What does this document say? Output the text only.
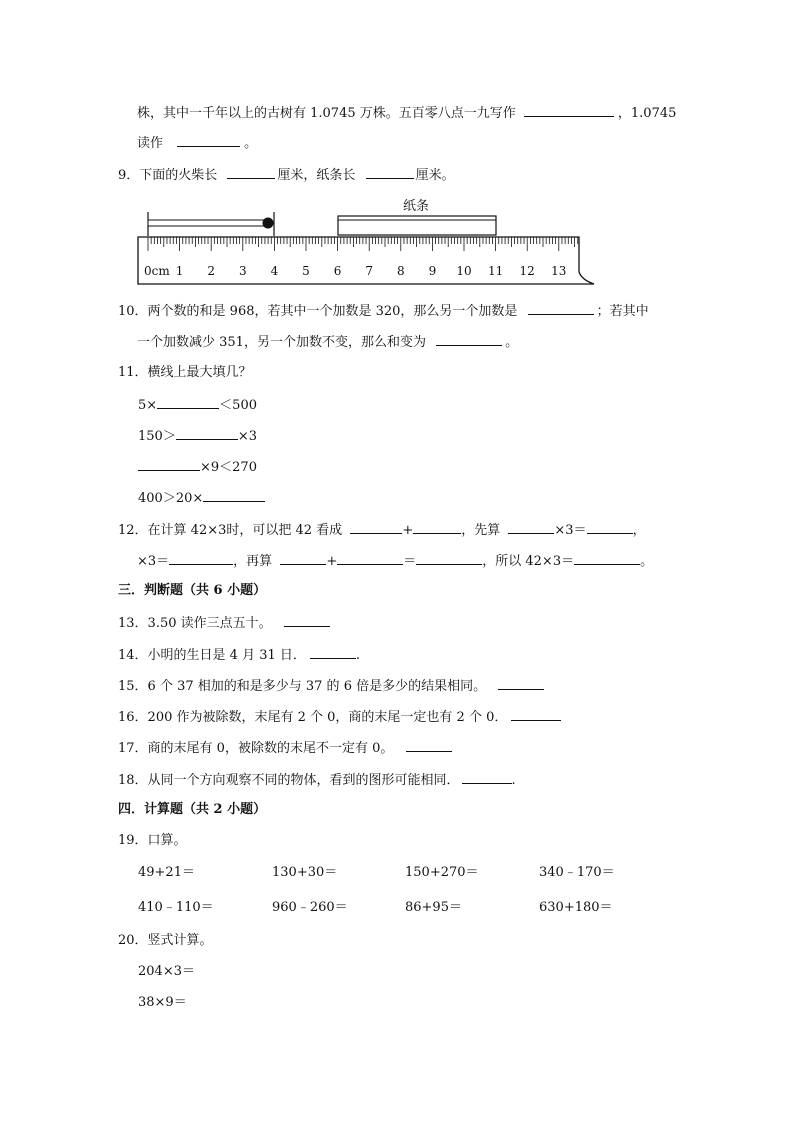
株，其中一千年以上的古树有 1.0745 万株。五百零八点一九写作	，1.0745
读作	。
9．下面的火柴长	厘米，纸条长	厘米。
纸条
0cm 1 2 3 4 5 6 7 8 9 10 11 12 13
10．两个数的和是 968，若其中一个加数是 320，那么另一个加数是	；若其中
一个加数减少 351，另一个加数不变，那么和变为	。
11．横线上最大填几？
5×	＜500
150＞	×3
×9＜270
400＞20×
12．在计算 42×3时，可以把 42 看成	+	，先算	×3＝	，
×3＝	，再算	+	＝	，所以 42×3＝	。
三．判断题（共 6 小题）
13．3.50 读作三点五十。
14．小明的生日是 4 月 31 日．	.
15．6 个 37 相加的和是多少与 37 的 6 倍是多少的结果相同。
16．200 作为被除数，末尾有 2 个 0，商的末尾一定也有 2 个 0．
17．商的末尾有 0，被除数的末尾不一定有 0。
18．从同一个方向观察不同的物体，看到的图形可能相同．	.
四．计算题（共 2 小题）
19．口算。
49+21＝	130+30＝	150+270＝	340﹣170＝
410﹣110＝	960﹣260＝	86+95＝	630+180＝
20．竖式计算。
204×3＝
38×9＝
